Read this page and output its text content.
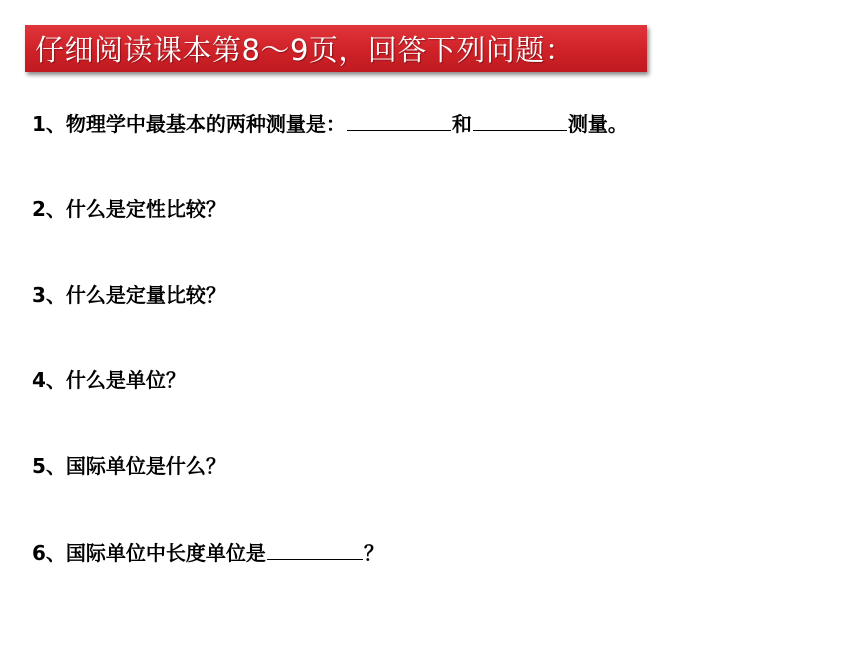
仔细阅读课本第8～9页，回答下列问题：
1、 物理学中最基本的两种测量是：	和	测量。
2、 什么是定性比较？
3、 什么是定量比较？
4、 什么是单位？
5、 国际单位是什么？
6、 国际单位中长度单位是	？
